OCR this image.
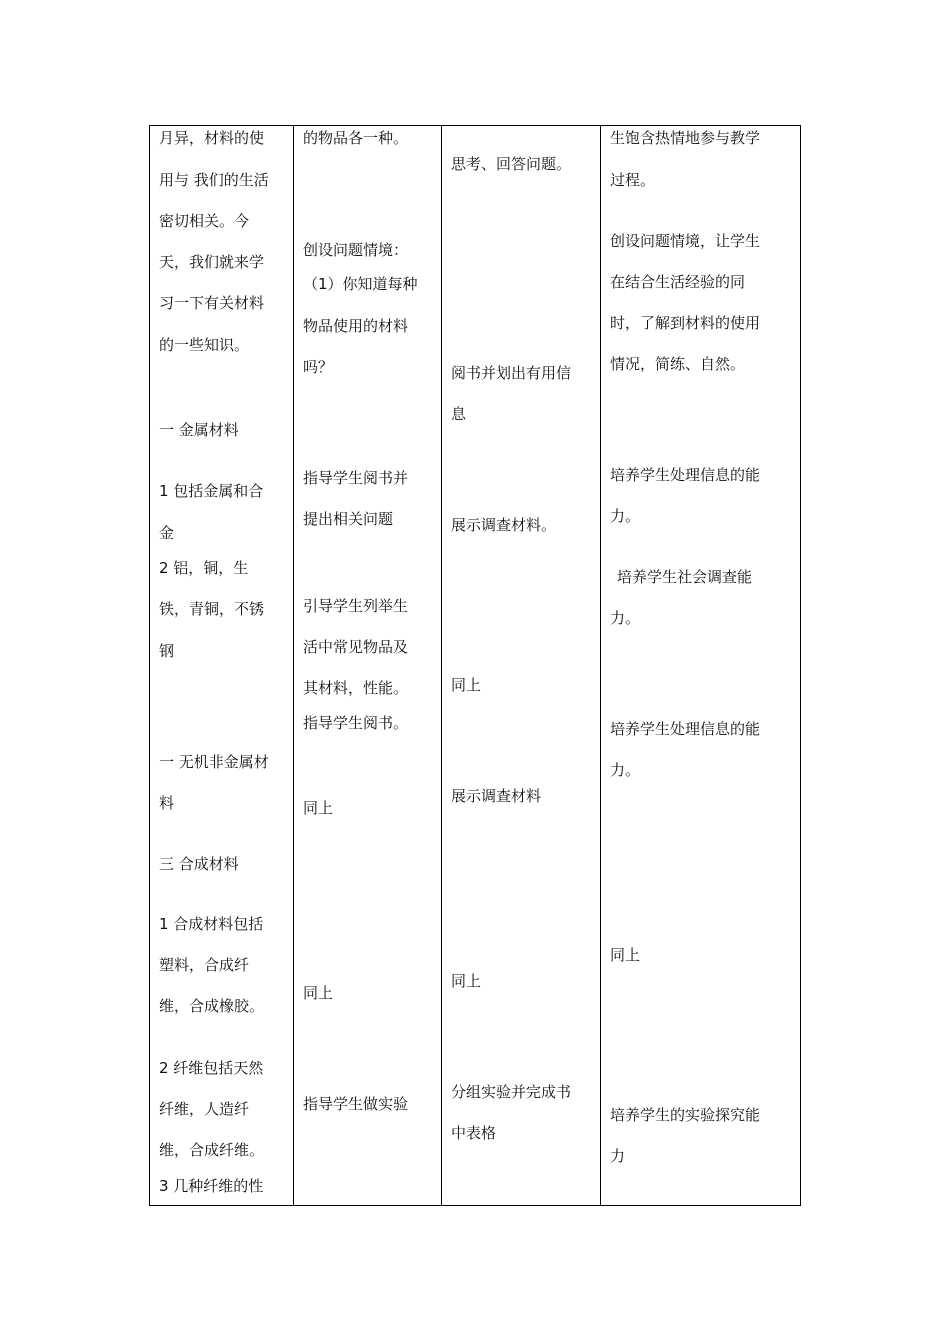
月异，材料的使
用与 我们的生活
密切相关。今
天，我们就来学
习一下有关材料
的一些知识。
一 金属材料
1 包括金属和合
金
2 铝，铜，生
铁，青铜，不锈
钢
一 无机非金属材
料
三 合成材料
1 合成材料包括
塑料，合成纤
维，合成橡胶。
2 纤维包括天然
纤维，人造纤
维，合成纤维。
3 几种纤维的性
的物品各一种。
创设问题情境：
（1）你知道每种
物品使用的材料
吗？
指导学生阅书并
提出相关问题
引导学生列举生
活中常见物品及
其材料，性能。
指导学生阅书。
同上
同上
指导学生做实验
思考、回答问题。
阅书并划出有用信
息
展示调查材料。
同上
展示调查材料
同上
分组实验并完成书
中表格
生饱含热情地参与教学
过程。
创设问题情境，让学生
在结合生活经验的同
时，了解到材料的使用
情况，简练、自然。
培养学生处理信息的能
力。
培养学生社会调查能
力。
培养学生处理信息的能
力。
同上
培养学生的实验探究能
力
